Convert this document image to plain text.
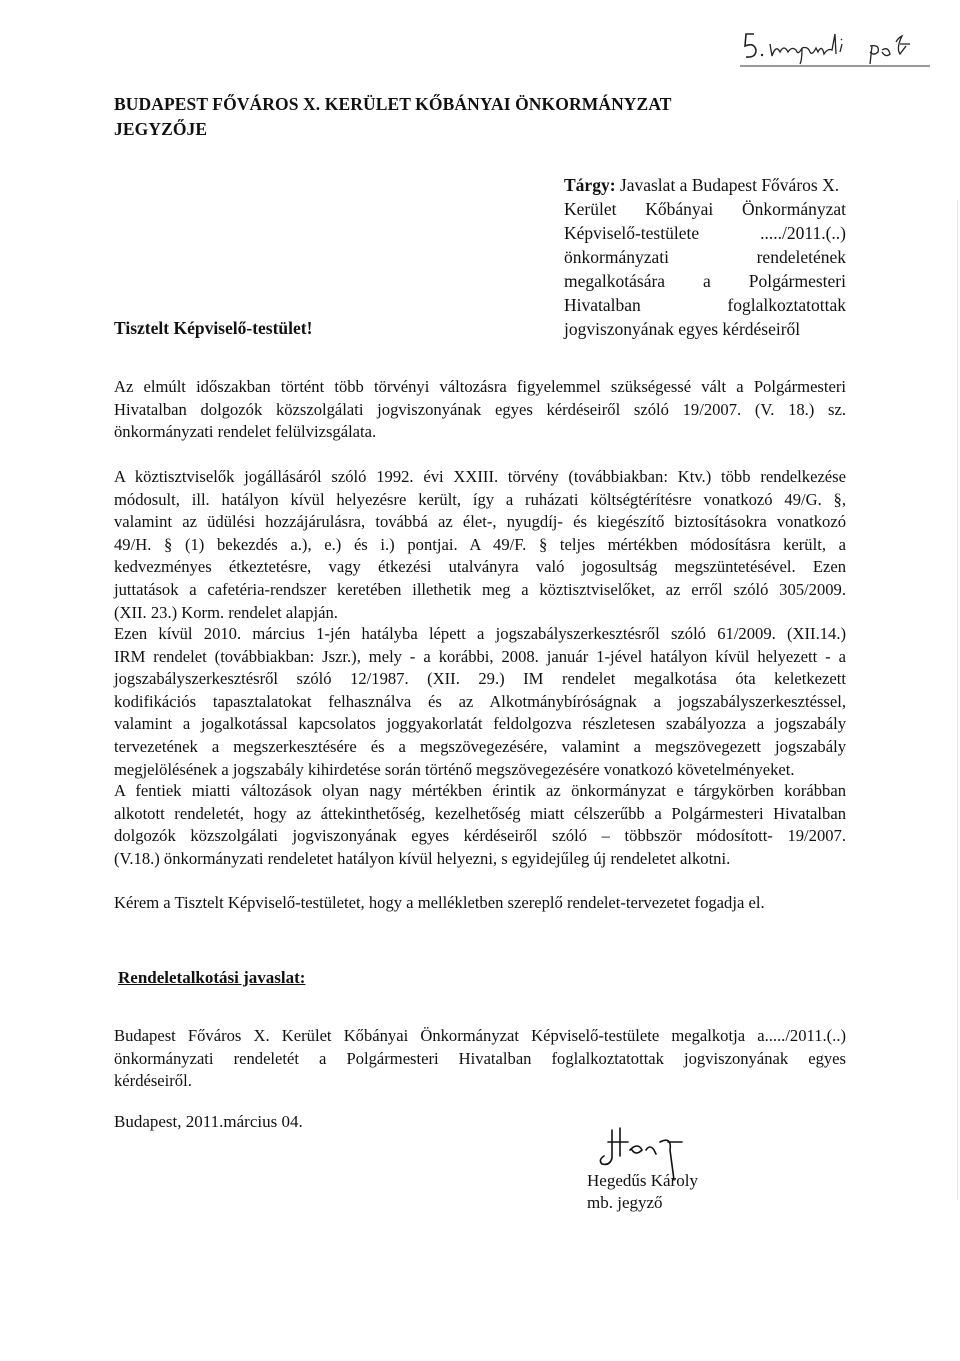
BUDAPEST FŐVÁROS X. KERÜLET KŐBÁNYAI ÖNKORMÁNYZAT
JEGYZŐJE
Tárgy:
Javaslat a Budapest Főváros X.
Kerület Kőbányai Önkormányzat
Képviselő-testülete	...../2011.(..)
önkormányzati	rendeletének
megalkotására a Polgármesteri
Hivatalban	foglalkoztatottak
jogviszonyának egyes kérdéseiről
Tisztelt Képviselő-testület!
Az elmúlt időszakban történt több törvényi változásra figyelemmel szükségessé vált a Polgármesteri
Hivatalban dolgozók közszolgálati jogviszonyának egyes kérdéseiről szóló 19/2007. (V. 18.) sz.
önkormányzati rendelet felülvizsgálata.
A köztisztviselők jogállásáról szóló 1992. évi XXIII. törvény (továbbiakban: Ktv.) több rendelkezése
módosult, ill. hatályon kívül helyezésre került, így a ruházati költségtérítésre vonatkozó 49/G. §,
valamint az üdülési hozzájárulásra, továbbá az élet-, nyugdíj- és kiegészítő biztosításokra vonatkozó
49/H. § (1) bekezdés a.), e.) és i.) pontjai. A 49/F. § teljes mértékben módosításra került, a
kedvezményes étkeztetésre, vagy étkezési utalványra való jogosultság megszüntetésével. Ezen
juttatások a cafetéria-rendszer keretében illethetik meg a köztisztviselőket, az erről szóló 305/2009.
(XII. 23.) Korm. rendelet alapján.
Ezen kívül 2010. március 1-jén hatályba lépett a jogszabályszerkesztésről szóló 61/2009. (XII.14.)
IRM rendelet (továbbiakban: Jszr.), mely - a korábbi, 2008. január 1-jével hatályon kívül helyezett - a
jogszabályszerkesztésről szóló 12/1987. (XII. 29.) IM rendelet megalkotása óta keletkezett
kodifikációs tapasztalatokat felhasználva és az Alkotmánybíróságnak a jogszabályszerkesztéssel,
valamint a jogalkotással kapcsolatos joggyakorlatát feldolgozva részletesen szabályozza a jogszabály
tervezetének a megszerkesztésére és a megszövegezésére, valamint a megszövegezett jogszabály
megjelölésének a jogszabály kihirdetése során történő megszövegezésére vonatkozó követelményeket.
A fentiek miatti változások olyan nagy mértékben érintik az önkormányzat e tárgykörben korábban
alkotott rendeletét, hogy az áttekinthetőség, kezelhetőség miatt célszerűbb a Polgármesteri Hivatalban
dolgozók közszolgálati jogviszonyának egyes kérdéseiről szóló – többször módosított- 19/2007.
(V.18.) önkormányzati rendeletet hatályon kívül helyezni, s egyidejűleg új rendeletet alkotni.
Kérem a Tisztelt Képviselő-testületet, hogy a mellékletben szereplő rendelet-tervezetet fogadja el.
Rendeletalkotási javaslat:
Budapest Főváros X. Kerület Kőbányai Önkormányzat Képviselő-testülete megalkotja a...../2011.(..)
önkormányzati rendeletét a Polgármesteri Hivatalban foglalkoztatottak jogviszonyának egyes
kérdéseiről.
Budapest, 2011.március 04.
Hegedűs Károly
mb. jegyző
